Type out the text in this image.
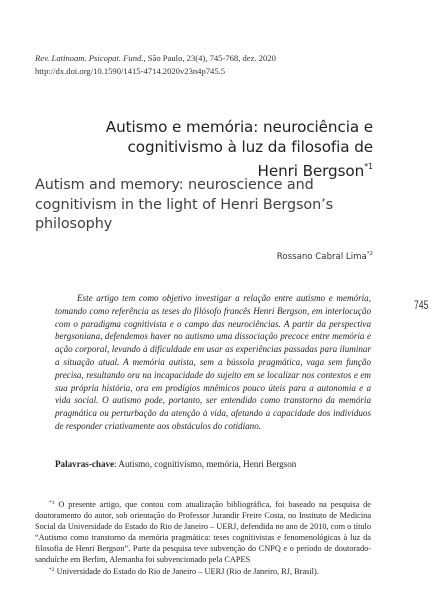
Rev. Latinoam. Psicopat. Fund., São Paulo, 23(4), 745-768, dez. 2020
http://dx.doi.org/10.1590/1415-4714.2020v23n4p745.5
Autismo e memória: neurociência e
cognitivismo à luz da filosofia de
Henri Bergson$^{*1}$
Autism and memory: neuroscience and
cognitivism in the light of Henri Bergson’s
philosophy
Rossano Cabral Lima$^{*2}$
745
Este artigo tem como objetivo investigar a relação entre autismo e memória, tomando como referência as teses do filósofo francês Henri Bergson, em interlocução com o paradigma cognitivista e o campo das neurociências. A partir da perspectiva bergsoniana, defendemos haver no autismo uma dissociação precoce entre memória e ação corporal, levando à dificuldade em usar as experiências passadas para iluminar a situação atual. A memória autista, sem a bússola pragmática, vaga sem função precisa, resultando ora na incapacidade do sujeito em se localizar nos contextos e em sua própria história, ora em prodígios mnêmicos pouco úteis para a autonomia e a vida social. O autismo pode, portanto, ser entendido como transtorno da memória pragmática ou perturbação da atenção à vida, afetando a capacidade dos indivíduos de responder criativamente aos obstáculos do cotidiano.
Palavras-chave: Autismo, cognitivismo, memória, Henri Bergson

$^{*1}$ O presente artigo, que contou com atualização bibliográfica, foi baseado na pesquisa de doutoramento do autor, sob orientação do Professor Jurandir Freire Costa, no Instituto de Medicina Social da Universidade do Estado do Rio de Janeiro – UERJ, defendida no ano de 2010, com o título “Autismo como transtorno da memória pragmática: teses cognitivistas e fenomenológicas à luz da filosofia de Henri Bergson”. Parte da pesquisa teve subvenção do CNPQ e o período de doutorado-sanduíche em Berlim, Alemanha foi subvencionado pela CAPES

$^{*2}$ Universidade do Estado do Rio de Janeiro – UERJ (Rio de Janeiro, RJ, Brasil).
